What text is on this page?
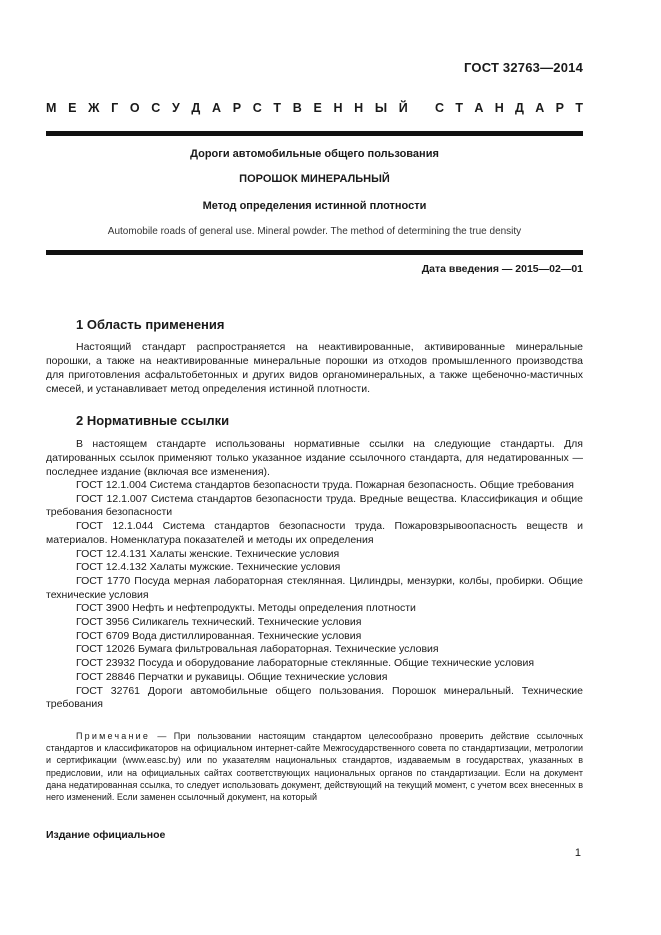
ГОСТ 32763—2014
М Е Ж Г О С У Д А Р С Т В Е Н Н Ы Й С Т А Н Д А Р Т
Дороги автомобильные общего пользования
ПОРОШОК МИНЕРАЛЬНЫЙ
Метод определения истинной плотности
Automobile roads of general use. Mineral powder. The method of determining the true density
Дата введения — 2015—02—01
1 Область применения

Настоящий стандарт распространяется на неактивированные, активированные минеральные порошки, а также на неактивированные минеральные порошки из отходов промышленного производства для приготовления асфальтобетонных и других видов органоминеральных, а также щебеночно-мастичных смесей, и устанавливает метод определения истинной плотности.

2 Нормативные ссылки

В настоящем стандарте использованы нормативные ссылки на следующие стандарты. Для датированных ссылок применяют только указанное издание ссылочного стандарта, для недатированных — последнее издание (включая все изменения).

ГОСТ 12.1.004 Система стандартов безопасности труда. Пожарная безопасность. Общие требования
ГОСТ 12.1.007 Система стандартов безопасности труда. Вредные вещества. Классификация и общие требования безопасности
ГОСТ 12.1.044 Система стандартов безопасности труда. Пожаровзрывоопасность веществ и материалов. Номенклатура показателей и методы их определения
ГОСТ 12.4.131 Халаты женские. Технические условия
ГОСТ 12.4.132 Халаты мужские. Технические условия
ГОСТ 1770 Посуда мерная лабораторная стеклянная. Цилиндры, мензурки, колбы, пробирки. Общие технические условия
ГОСТ 3900 Нефть и нефтепродукты. Методы определения плотности
ГОСТ 3956 Силикагель технический. Технические условия
ГОСТ 6709 Вода дистиллированная. Технические условия
ГОСТ 12026 Бумага фильтровальная лабораторная. Технические условия
ГОСТ 23932 Посуда и оборудование лабораторные стеклянные. Общие технические условия
ГОСТ 28846 Перчатки и рукавицы. Общие технические условия
ГОСТ 32761 Дороги автомобильные общего пользования. Порошок минеральный. Технические требования

Примечание — При пользовании настоящим стандартом целесообразно проверить действие ссылочных стандартов и классификаторов на официальном интернет-сайте Межгосударственного совета по стандартизации, метрологии и сертификации (www.easc.by) или по указателям национальных стандартов, издаваемым в государствах, указанных в предисловии, или на официальных сайтах соответствующих национальных органов по стандартизации. Если на документ дана недатированная ссылка, то следует использовать документ, действующий на текущий момент, с учетом всех внесенных в него изменений. Если заменен ссылочный документ, на который

Издание официальное
1
